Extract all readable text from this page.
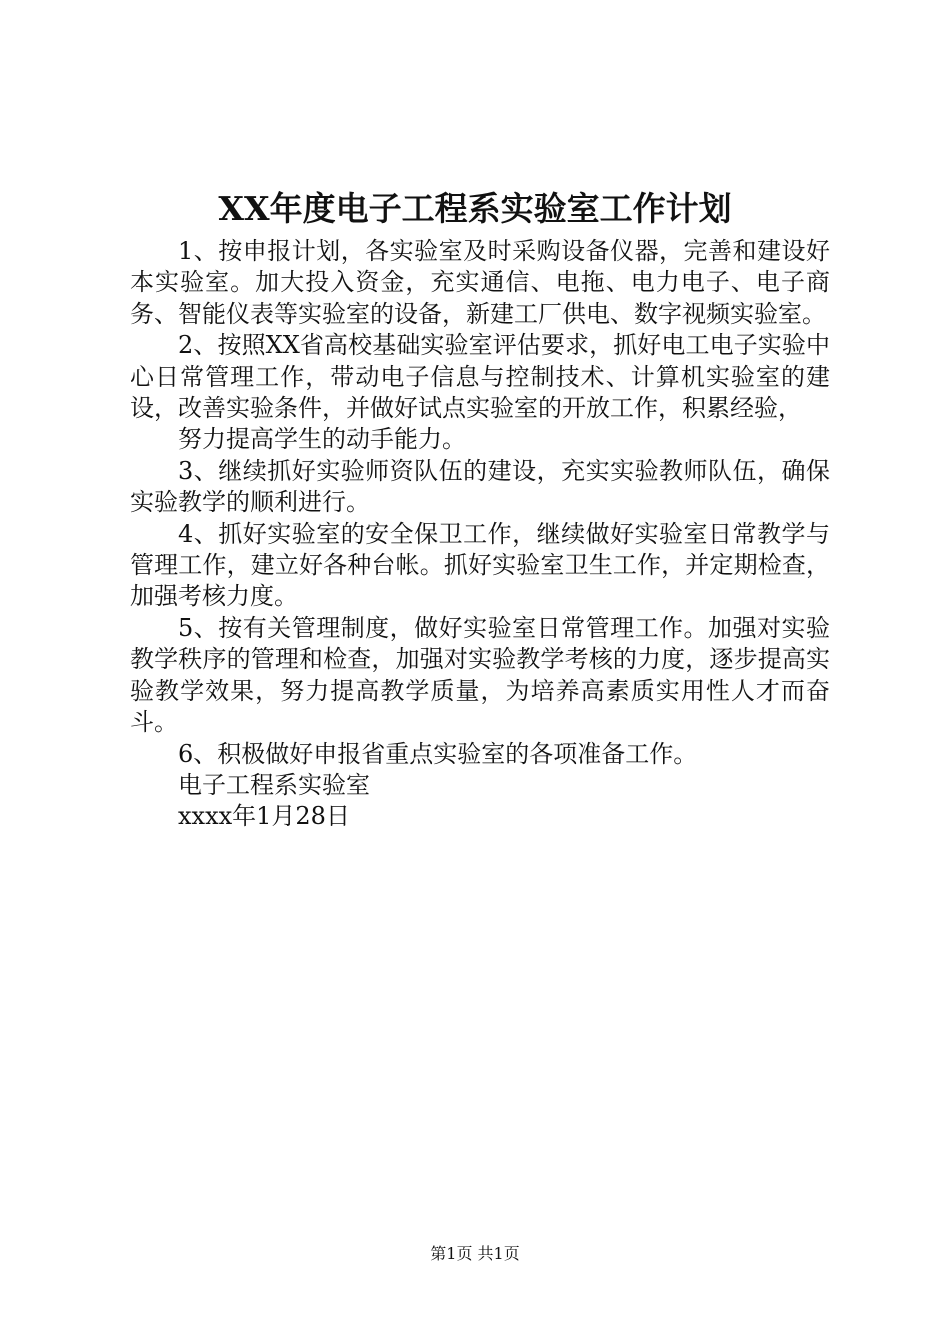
XX年度电子工程系实验室工作计划

1、按申报计划，各实验室及时采购设备仪器，完善和建设好本实验室。加大投入资金，充实通信、电拖、电力电子、电子商务、智能仪表等实验室的设备，新建工厂供电、数字视频实验室。

2、按照XX省高校基础实验室评估要求，抓好电工电子实验中心日常管理工作，带动电子信息与控制技术、计算机实验室的建设，改善实验条件，并做好试点实验室的开放工作，积累经验，

努力提高学生的动手能力。

3、继续抓好实验师资队伍的建设，充实实验教师队伍，确保实验教学的顺利进行。

4、抓好实验室的安全保卫工作，继续做好实验室日常教学与管理工作，建立好各种台帐。抓好实验室卫生工作，并定期检查，加强考核力度。

5、按有关管理制度，做好实验室日常管理工作。加强对实验教学秩序的管理和检查，加强对实验教学考核的力度，逐步提高实验教学效果，努力提高教学质量，为培养高素质实用性人才而奋斗。

6、积极做好申报省重点实验室的各项准备工作。

电子工程系实验室

xxxx年1月28日

第1页 共1页
